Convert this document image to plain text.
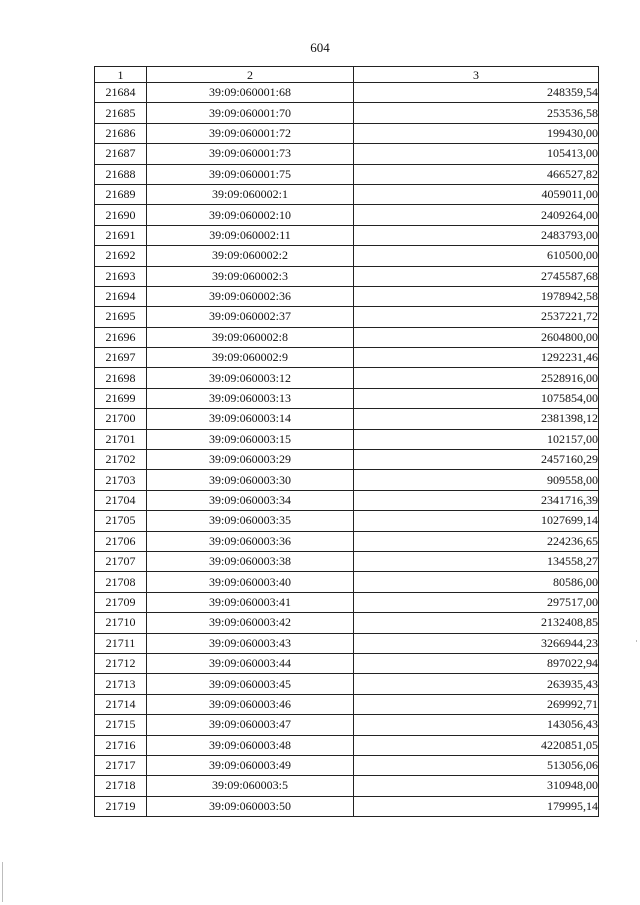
604
1	2	3
21684	39:09:060001:68	248359,54
21685	39:09:060001:70	253536,58
21686	39:09:060001:72	199430,00
21687	39:09:060001:73	105413,00
21688	39:09:060001:75	466527,82
21689	39:09:060002:1	4059011,00
21690	39:09:060002:10	2409264,00
21691	39:09:060002:11	2483793,00
21692	39:09:060002:2	610500,00
21693	39:09:060002:3	2745587,68
21694	39:09:060002:36	1978942,58
21695	39:09:060002:37	2537221,72
21696	39:09:060002:8	2604800,00
21697	39:09:060002:9	1292231,46
21698	39:09:060003:12	2528916,00
21699	39:09:060003:13	1075854,00
21700	39:09:060003:14	2381398,12
21701	39:09:060003:15	102157,00
21702	39:09:060003:29	2457160,29
21703	39:09:060003:30	909558,00
21704	39:09:060003:34	2341716,39
21705	39:09:060003:35	1027699,14
21706	39:09:060003:36	224236,65
21707	39:09:060003:38	134558,27
21708	39:09:060003:40	80586,00
21709	39:09:060003:41	297517,00
21710	39:09:060003:42	2132408,85
21711	39:09:060003:43	3266944,23
21712	39:09:060003:44	897022,94
21713	39:09:060003:45	263935,43
21714	39:09:060003:46	269992,71
21715	39:09:060003:47	143056,43
21716	39:09:060003:48	4220851,05
21717	39:09:060003:49	513056,06
21718	39:09:060003:5	310948,00
21719	39:09:060003:50	179995,14
